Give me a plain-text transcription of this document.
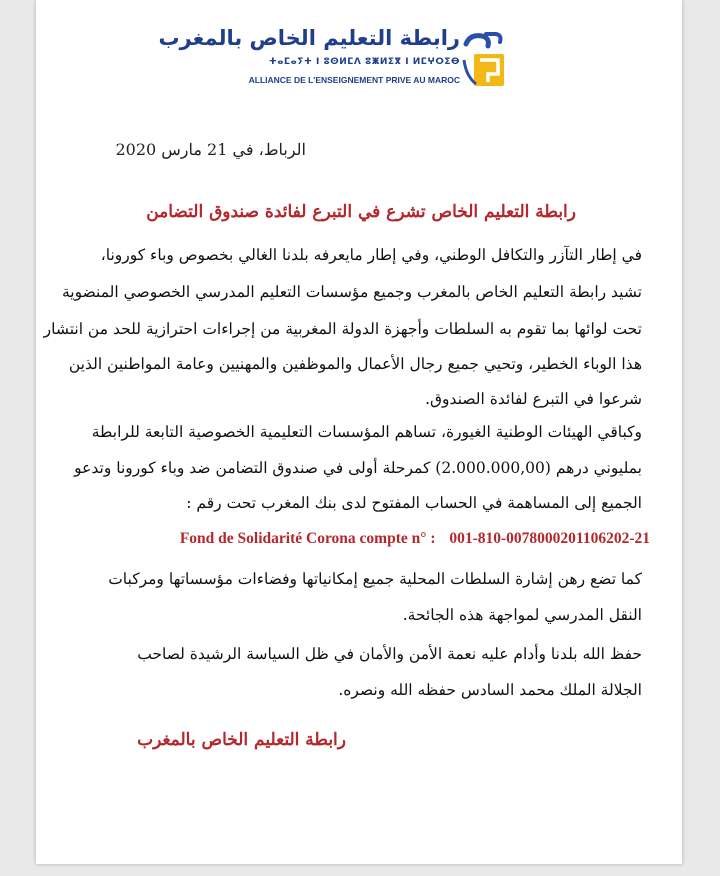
رابطة التعليم الخاص بالمغرب
ⵜⴰⵎⴰⵢⵜ ⵏ ⵓⵙⵍⵎⴷ ⵓⵥⵍⵉⴳ ⵏ ⵍⵎⵖⵔⵉⴱ
ALLIANCE DE L'ENSEIGNEMENT PRIVE AU MAROC
الرباط، في 21 مارس 2020
رابطة التعليم الخاص تشرع في التبرع لفائدة صندوق التضامن
في إطار التآزر والتكافل الوطني، وفي إطار مايعرفه بلدنا الغالي بخصوص وباء كورونا،
تشيد رابطة التعليم الخاص بالمغرب وجميع مؤسسات التعليم المدرسي الخصوصي المنضوية
تحت لوائها بما تقوم به السلطات وأجهزة الدولة المغربية من إجراءات احترازية للحد من انتشار
هذا الوباء الخطير، وتحيي جميع رجال الأعمال والموظفين والمهنيين وعامة المواطنين الذين
شرعوا في التبرع لفائدة الصندوق.
وكباقي الهيئات الوطنية الغيورة، تساهم المؤسسات التعليمية الخصوصية التابعة للرابطة
بمليوني درهم (2.000.000,00) كمرحلة أولى في صندوق التضامن ضد وباء كورونا وتدعو
الجميع إلى المساهمة في الحساب المفتوح لدى بنك المغرب تحت رقم :
Fond de Solidarité Corona compte n° : 001-810-0078000201106202-21
كما تضع رهن إشارة السلطات المحلية جميع إمكانياتها وفضاءات مؤسساتها ومركبات
النقل المدرسي لمواجهة هذه الجائحة.
حفظ الله بلدنا وأدام عليه نعمة الأمن والأمان في ظل السياسة الرشيدة لصاحب
الجلالة الملك محمد السادس حفظه الله ونصره.
رابطة التعليم الخاص بالمغرب
